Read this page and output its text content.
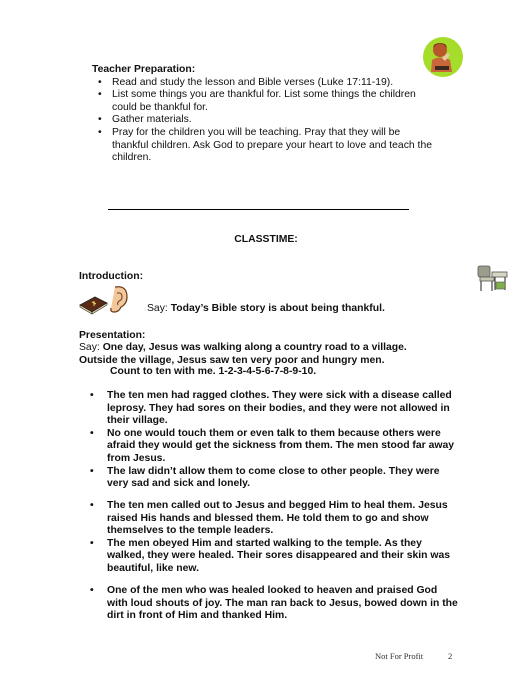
Teacher Preparation:
• Read and study the lesson and Bible verses (Luke 17:11-19).
• List some things you are thankful for. List some things the children could be thankful for.
• Gather materials.
• Pray for the children you will be teaching. Pray that they will be thankful children. Ask God to prepare your heart to love and teach the children.
CLASSTIME:
Introduction:
Say: Today’s Bible story is about being thankful.
Presentation:
Say: One day, Jesus was walking along a country road to a village. Outside the village, Jesus saw ten very poor and hungry men.
Count to ten with me. 1-2-3-4-5-6-7-8-9-10.
• The ten men had ragged clothes. They were sick with a disease called leprosy. They had sores on their bodies, and they were not allowed in their village.
• No one would touch them or even talk to them because others were afraid they would get the sickness from them. The men stood far away from Jesus.
• The law didn’t allow them to come close to other people. They were very sad and sick and lonely.
• The ten men called out to Jesus and begged Him to heal them. Jesus raised His hands and blessed them. He told them to go and show themselves to the temple leaders.
• The men obeyed Him and started walking to the temple. As they walked, they were healed. Their sores disappeared and their skin was beautiful, like new.
• One of the men who was healed looked to heaven and praised God with loud shouts of joy. The man ran back to Jesus, bowed down in the dirt in front of Him and thanked Him.
Not For Profit	2
